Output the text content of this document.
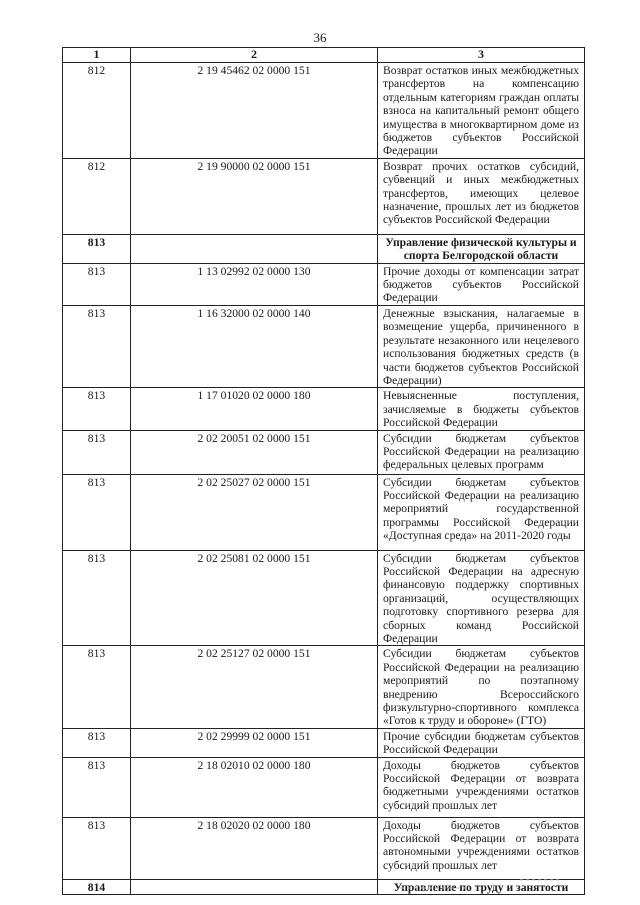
36
1	2	3
812	2 19 45462 02 0000 151	Возврат остатков иных межбюджетных трансфертов на компенсацию отдельным категориям граждан оплаты взноса на капитальный ремонт общего имущества в многоквартирном доме из бюджетов субъектов Российской Федерации
812	2 19 90000 02 0000 151	Возврат прочих остатков субсидий, субвенций и иных межбюджетных трансфертов, имеющих целевое назначение, прошлых лет из бюджетов субъектов Российской Федерации
813		Управление физической культуры и спорта Белгородской области
813	1 13 02992 02 0000 130	Прочие доходы от компенсации затрат бюджетов субъектов Российской Федерации
813	1 16 32000 02 0000 140	Денежные взыскания, налагаемые в возмещение ущерба, причиненного в результате незаконного или нецелевого использования бюджетных средств (в части бюджетов субъектов Российской Федерации)
813	1 17 01020 02 0000 180	Невыясненные поступления, зачисляемые в бюджеты субъектов Российской Федерации
813	2 02 20051 02 0000 151	Субсидии бюджетам субъектов Российской Федерации на реализацию федеральных целевых программ
813	2 02 25027 02 0000 151	Субсидии бюджетам субъектов Российской Федерации на реализацию мероприятий государственной программы Российской Федерации «Доступная среда» на 2011-2020 годы
813	2 02 25081 02 0000 151	Субсидии бюджетам субъектов Российской Федерации на адресную финансовую поддержку спортивных организаций, осуществляющих подготовку спортивного резерва для сборных команд Российской Федерации
813	2 02 25127 02 0000 151	Субсидии бюджетам субъектов Российской Федерации на реализацию мероприятий по поэтапному внедрению Всероссийского физкультурно-спортивного комплекса «Готов к труду и обороне» (ГТО)
813	2 02 29999 02 0000 151	Прочие субсидии бюджетам субъектов Российской Федерации
813	2 18 02010 02 0000 180	Доходы бюджетов субъектов Российской Федерации от возврата бюджетными учреждениями остатков субсидий прошлых лет
813	2 18 02020 02 0000 180	Доходы бюджетов субъектов Российской Федерации от возврата автономными учреждениями остатков субсидий прошлых лет
814		Управление по труду и занятости
